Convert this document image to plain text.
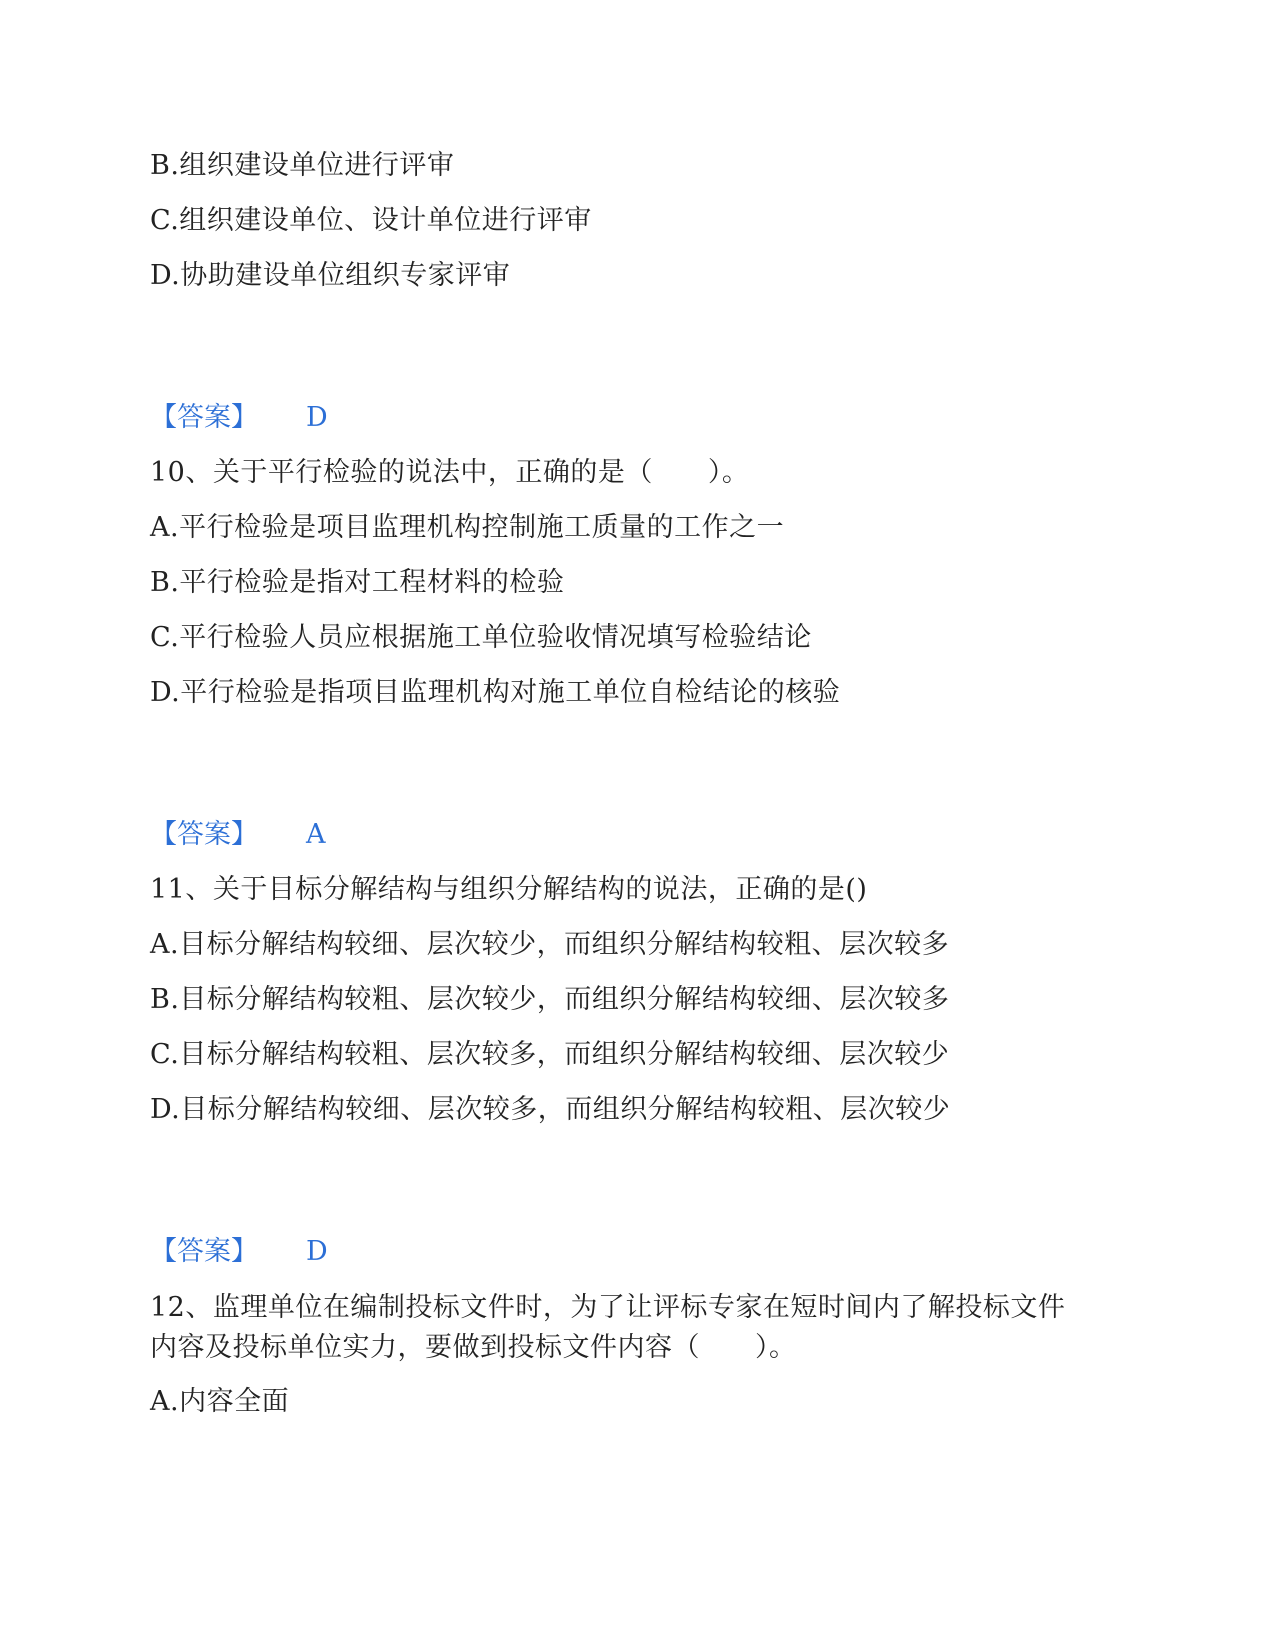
B.组织建设单位进行评审
C.组织建设单位、设计单位进行评审
D.协助建设单位组织专家评审
【答案】 D
10、关于平行检验的说法中，正确的是（　　）。
A.平行检验是项目监理机构控制施工质量的工作之一
B.平行检验是指对工程材料的检验
C.平行检验人员应根据施工单位验收情况填写检验结论
D.平行检验是指项目监理机构对施工单位自检结论的核验
【答案】 A
11、关于目标分解结构与组织分解结构的说法，正确的是()
A.目标分解结构较细、层次较少，而组织分解结构较粗、层次较多
B.目标分解结构较粗、层次较少，而组织分解结构较细、层次较多
C.目标分解结构较粗、层次较多，而组织分解结构较细、层次较少
D.目标分解结构较细、层次较多，而组织分解结构较粗、层次较少
【答案】 D
12、监理单位在编制投标文件时，为了让评标专家在短时间内了解投标文件
内容及投标单位实力，要做到投标文件内容（　　）。
A.内容全面
